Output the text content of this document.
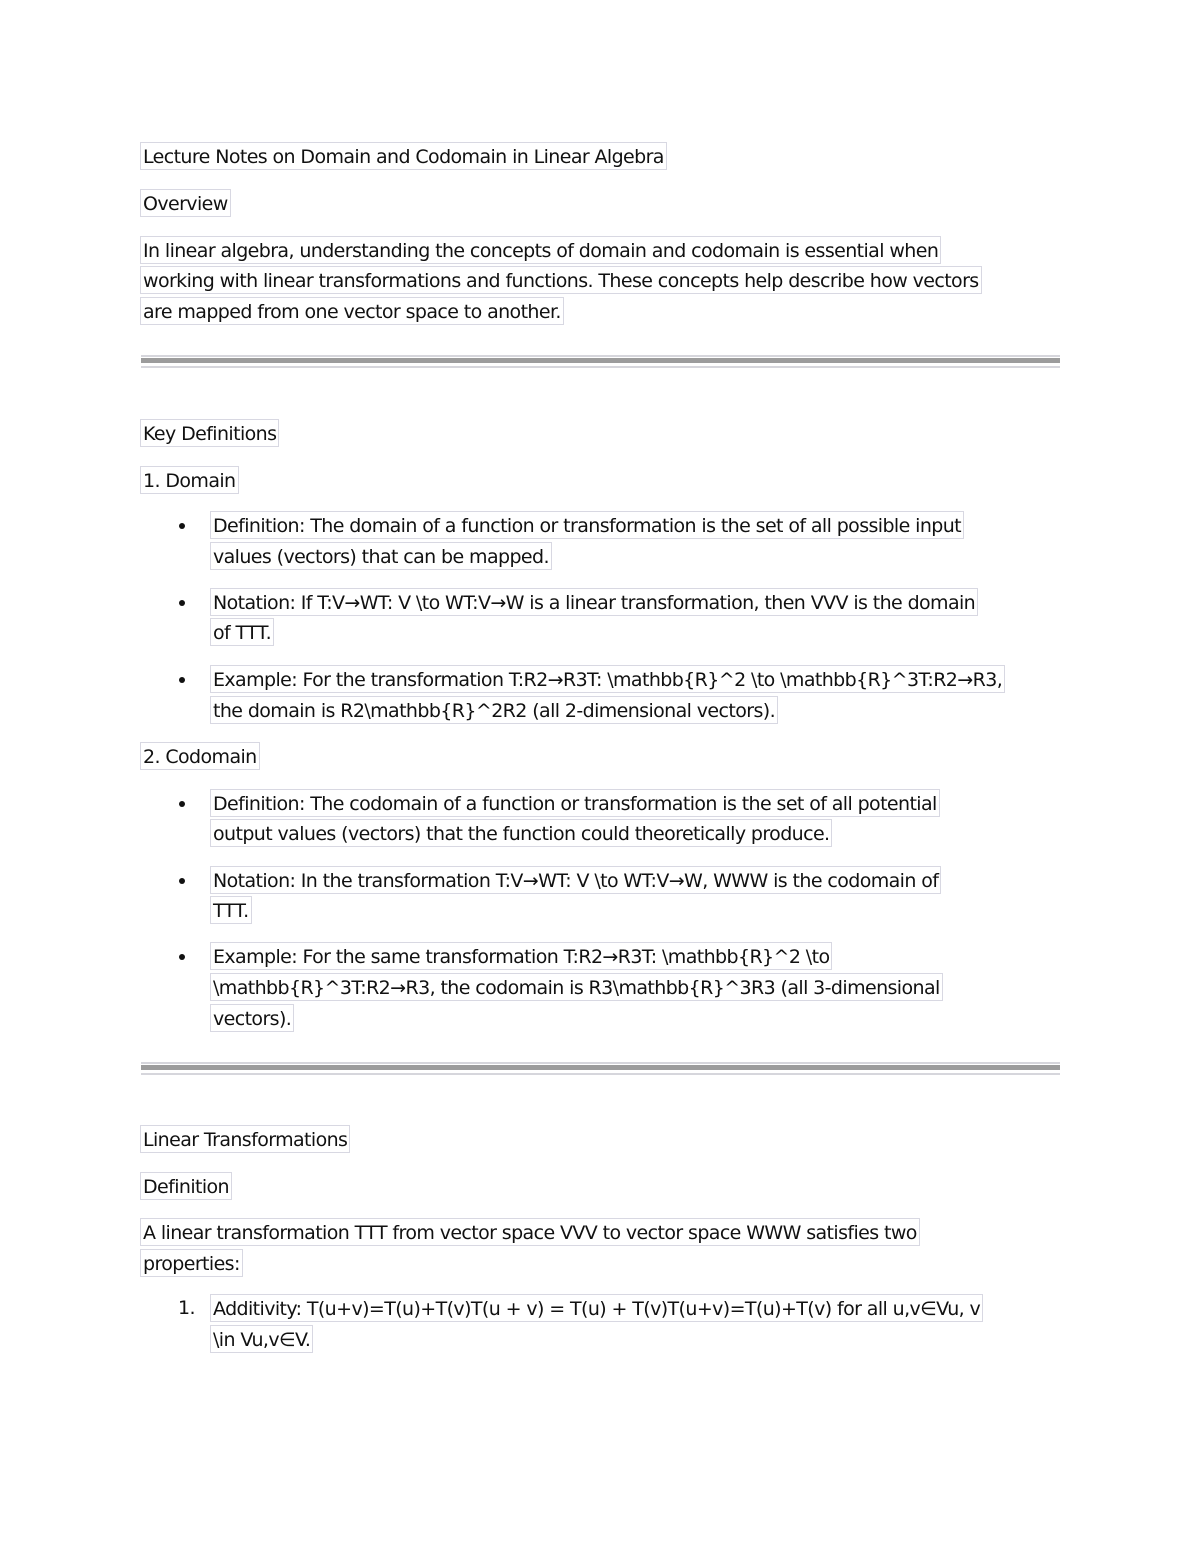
Lecture Notes on Domain and Codomain in Linear Algebra
Overview
In linear algebra, understanding the concepts of domain and codomain is essential when
working with linear transformations and functions. These concepts help describe how vectors
are mapped from one vector space to another.
Key Definitions
1. Domain
Definition: The domain of a function or transformation is the set of all possible input
values (vectors) that can be mapped.
Notation: If T:V→WT: V \to WT:V→W is a linear transformation, then VVV is the domain
of TTT.
Example: For the transformation T:R2→R3T: \mathbb{R}^2 \to \mathbb{R}^3T:R2→R3,
the domain is R2\mathbb{R}^2R2 (all 2-dimensional vectors).
2. Codomain
Definition: The codomain of a function or transformation is the set of all potential
output values (vectors) that the function could theoretically produce.
Notation: In the transformation T:V→WT: V \to WT:V→W, WWW is the codomain of
TTT.
Example: For the same transformation T:R2→R3T: \mathbb{R}^2 \to
\mathbb{R}^3T:R2→R3, the codomain is R3\mathbb{R}^3R3 (all 3-dimensional
vectors).
Linear Transformations
Definition
A linear transformation TTT from vector space VVV to vector space WWW satisfies two
properties:
1. Additivity: T(u+v)=T(u)+T(v)T(u + v) = T(u) + T(v)T(u+v)=T(u)+T(v) for all u,v∈Vu, v
\in Vu,v∈V.
